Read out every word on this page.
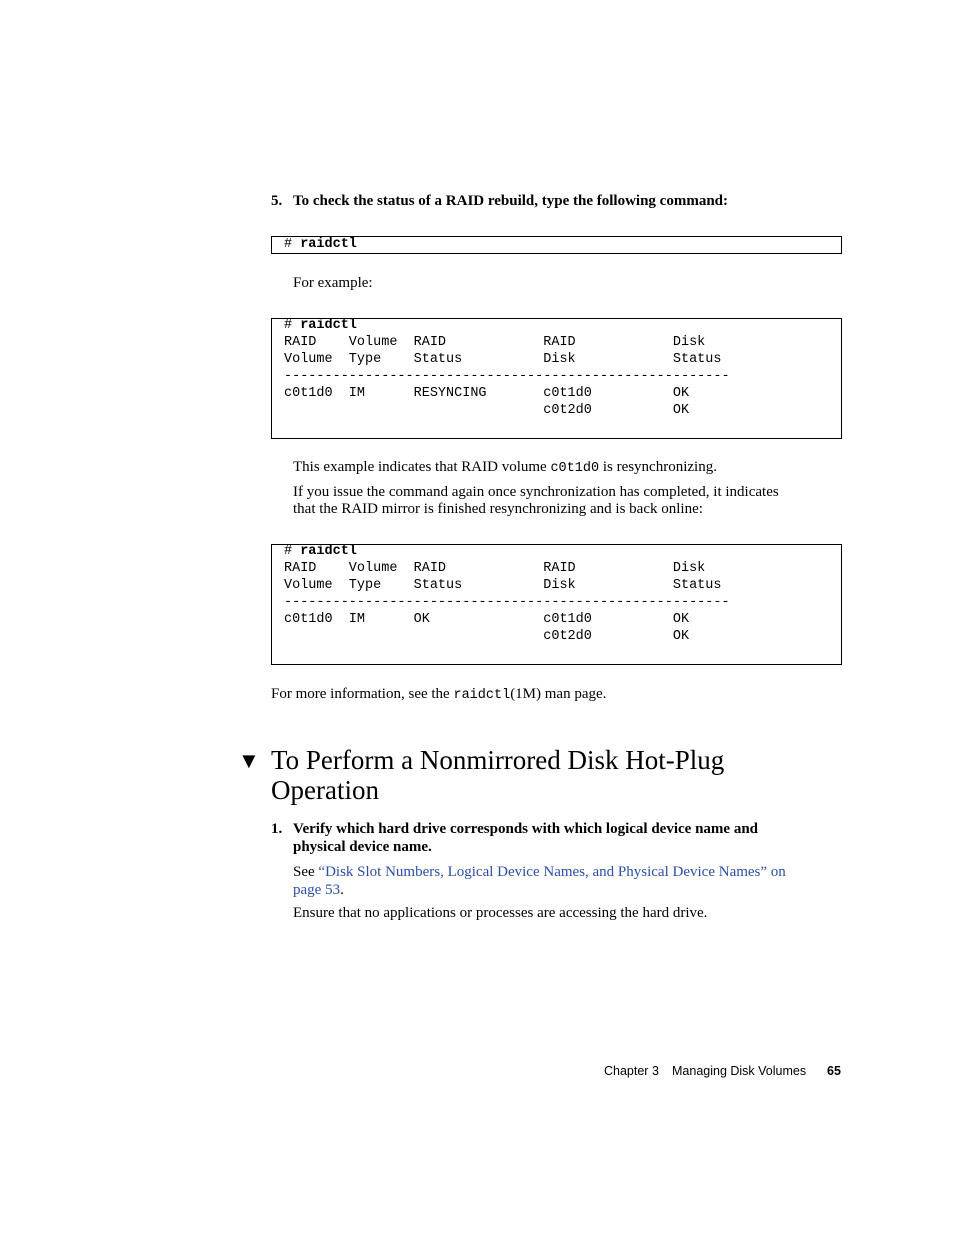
5. To check the status of a RAID rebuild, type the following command:
# raidctl
For example:
# raidctl
RAID    Volume  RAID            RAID            Disk
Volume  Type    Status          Disk            Status
-------------------------------------------------------
c0t1d0  IM      RESYNCING       c0t1d0          OK
c0t2d0          OK
This example indicates that RAID volume c0t1d0 is resynchronizing.
If you issue the command again once synchronization has completed, it indicates
that the RAID mirror is finished resynchronizing and is back online:
# raidctl
RAID    Volume  RAID            RAID            Disk
Volume  Type    Status          Disk            Status
-------------------------------------------------------
c0t1d0  IM      OK              c0t1d0          OK
c0t2d0          OK
For more information, see the raidctl(1M) man page.
▼ To Perform a Nonmirrored Disk Hot-Plug
Operation
1. Verify which hard drive corresponds with which logical device name and
physical device name.
See “Disk Slot Numbers, Logical Device Names, and Physical Device Names” on
page 53.
Ensure that no applications or processes are accessing the hard drive.
Chapter 3 Managing Disk Volumes 65
